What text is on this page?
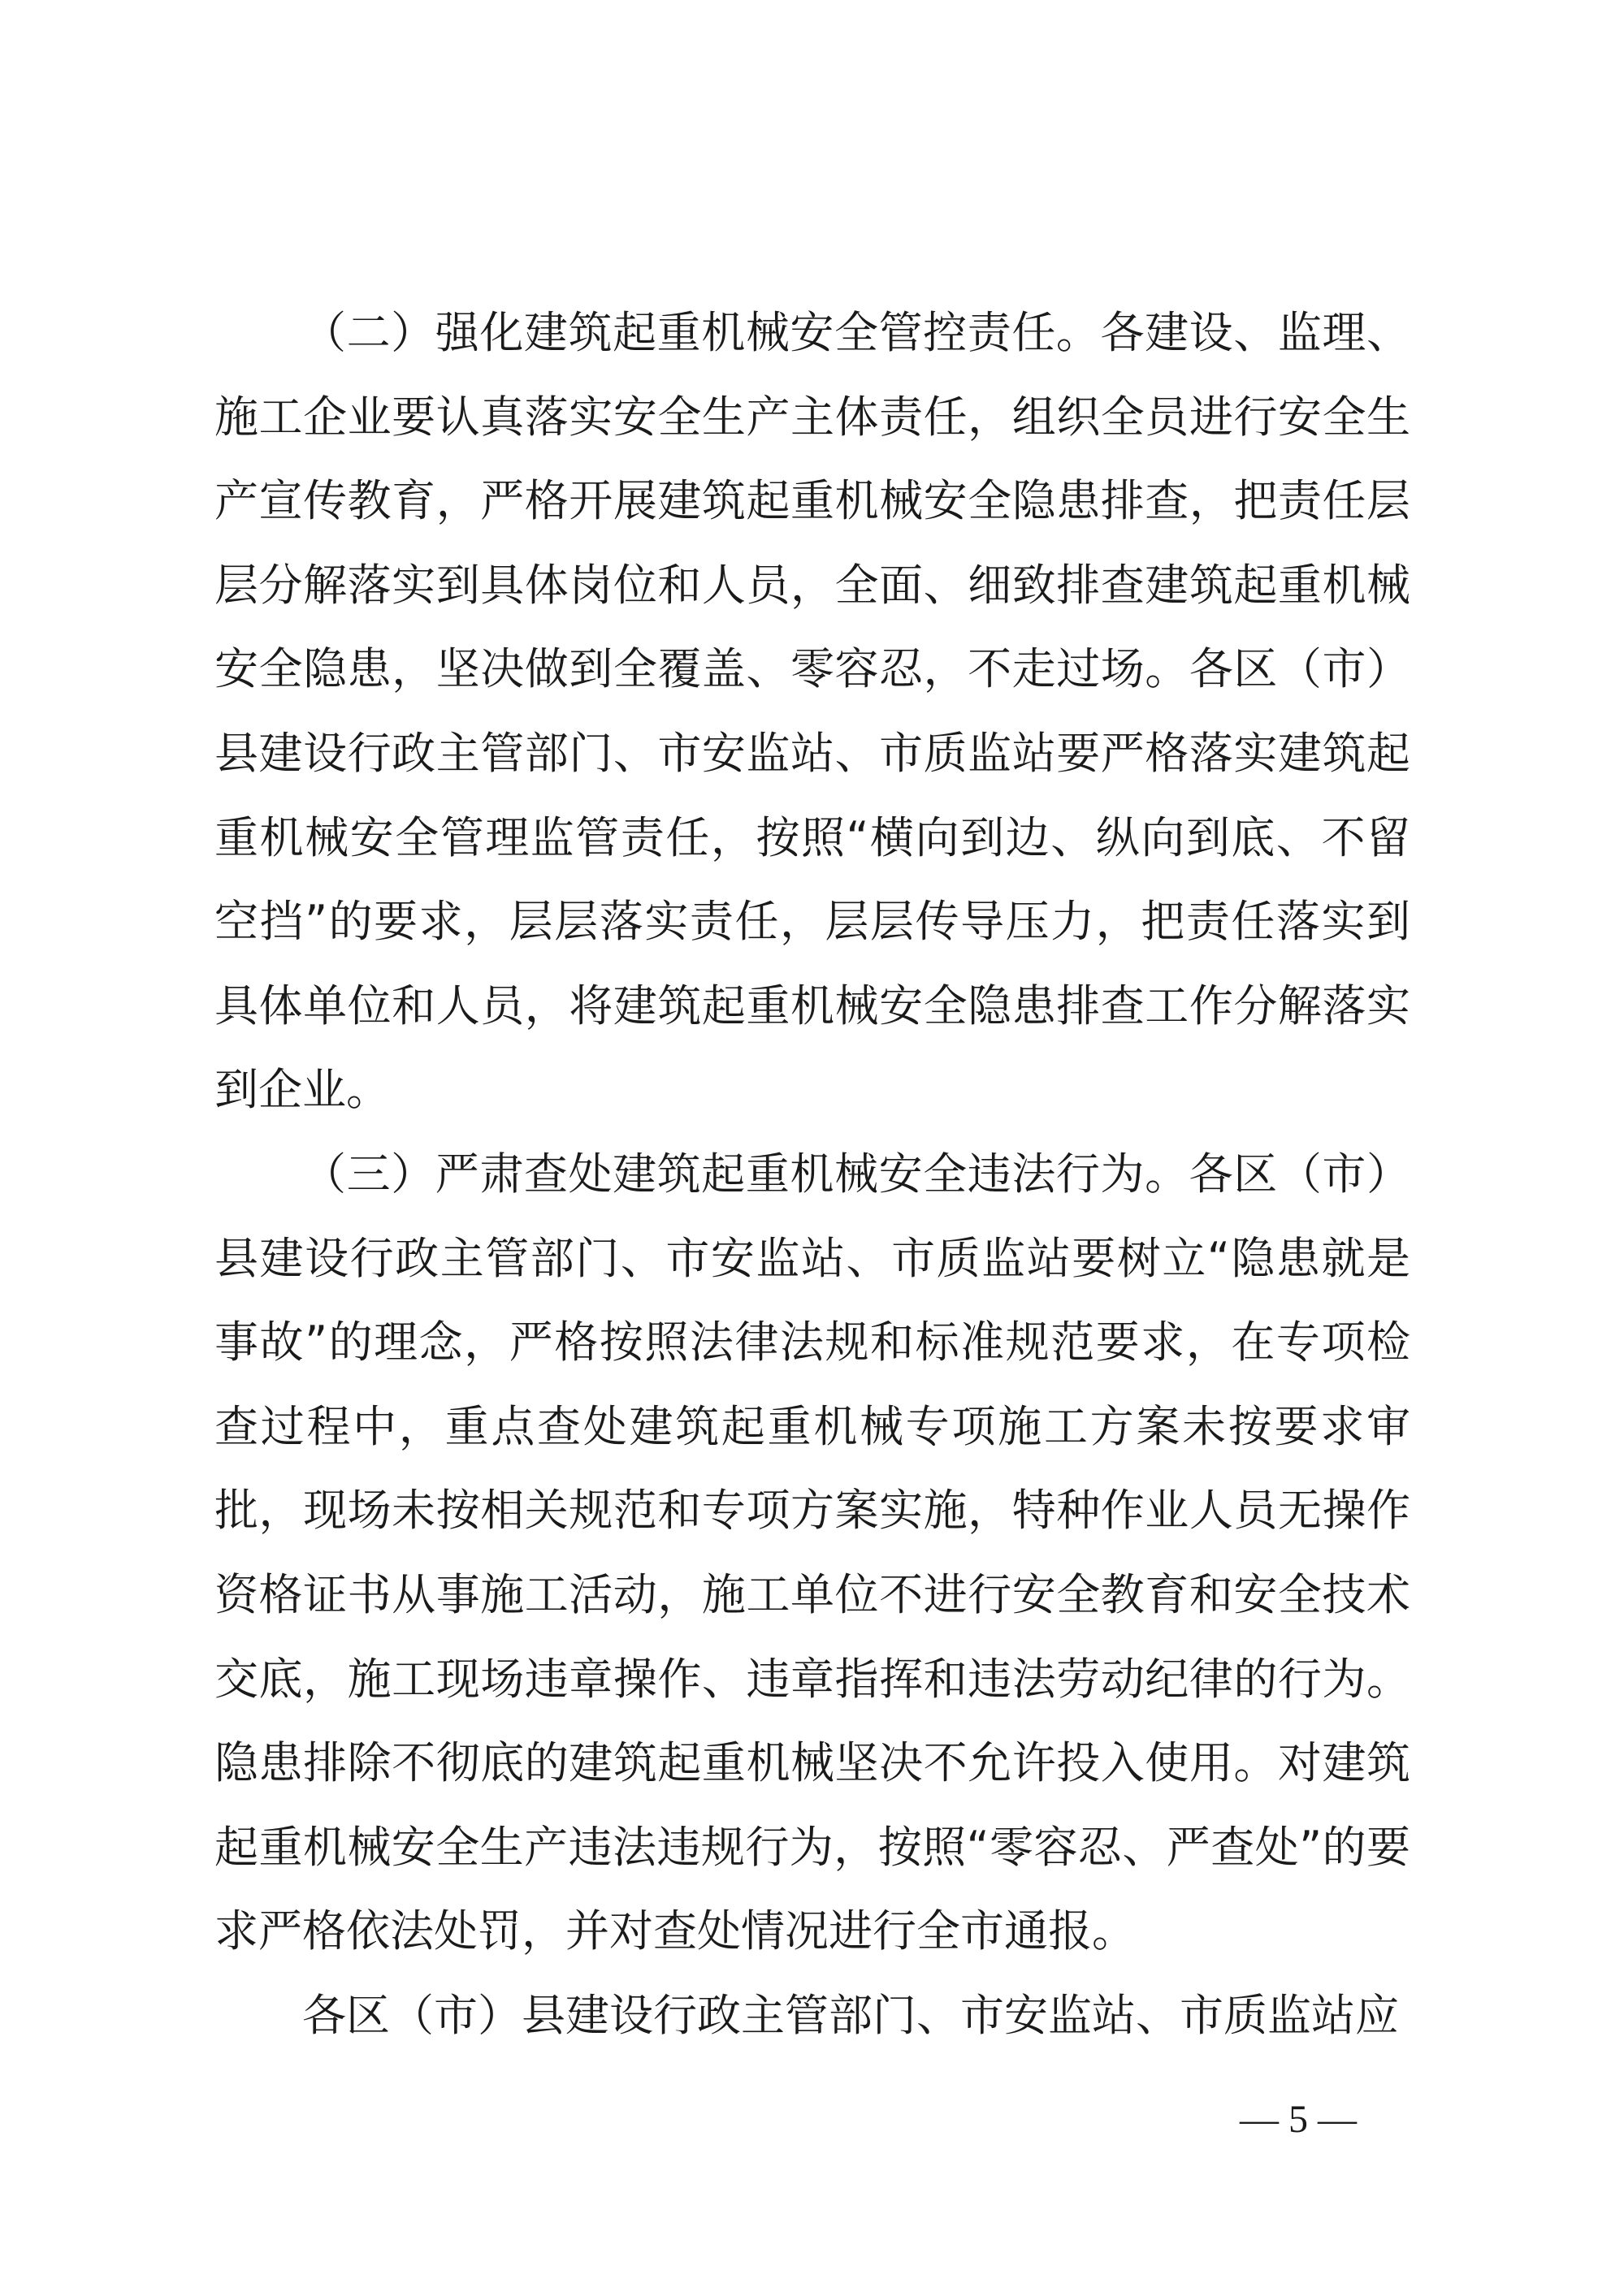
（二）强化建筑起重机械安全管控责任。各建设、监理、施工企业要认真落实安全生产主体责任，组织全员进行安全生产宣传教育，严格开展建筑起重机械安全隐患排查，把责任层层分解落实到具体岗位和人员，全面、细致排查建筑起重机械安全隐患，坚决做到全覆盖、零容忍，不走过场。各区（市）县建设行政主管部门、市安监站、市质监站要严格落实建筑起重机械安全管理监管责任，按照“横向到边、纵向到底、不留空挡”的要求，层层落实责任，层层传导压力，把责任落实到具体单位和人员，将建筑起重机械安全隐患排查工作分解落实到企业。

（三）严肃查处建筑起重机械安全违法行为。各区（市）县建设行政主管部门、市安监站、市质监站要树立“隐患就是事故”的理念，严格按照法律法规和标准规范要求，在专项检查过程中，重点查处建筑起重机械专项施工方案未按要求审批，现场未按相关规范和专项方案实施，特种作业人员无操作资格证书从事施工活动，施工单位不进行安全教育和安全技术交底，施工现场违章操作、违章指挥和违法劳动纪律的行为。隐患排除不彻底的建筑起重机械坚决不允许投入使用。对建筑起重机械安全生产违法违规行为，按照“零容忍、严查处”的要求严格依法处罚，并对查处情况进行全市通报。

各区（市）县建设行政主管部门、市安监站、市质监站应

— 5 —
